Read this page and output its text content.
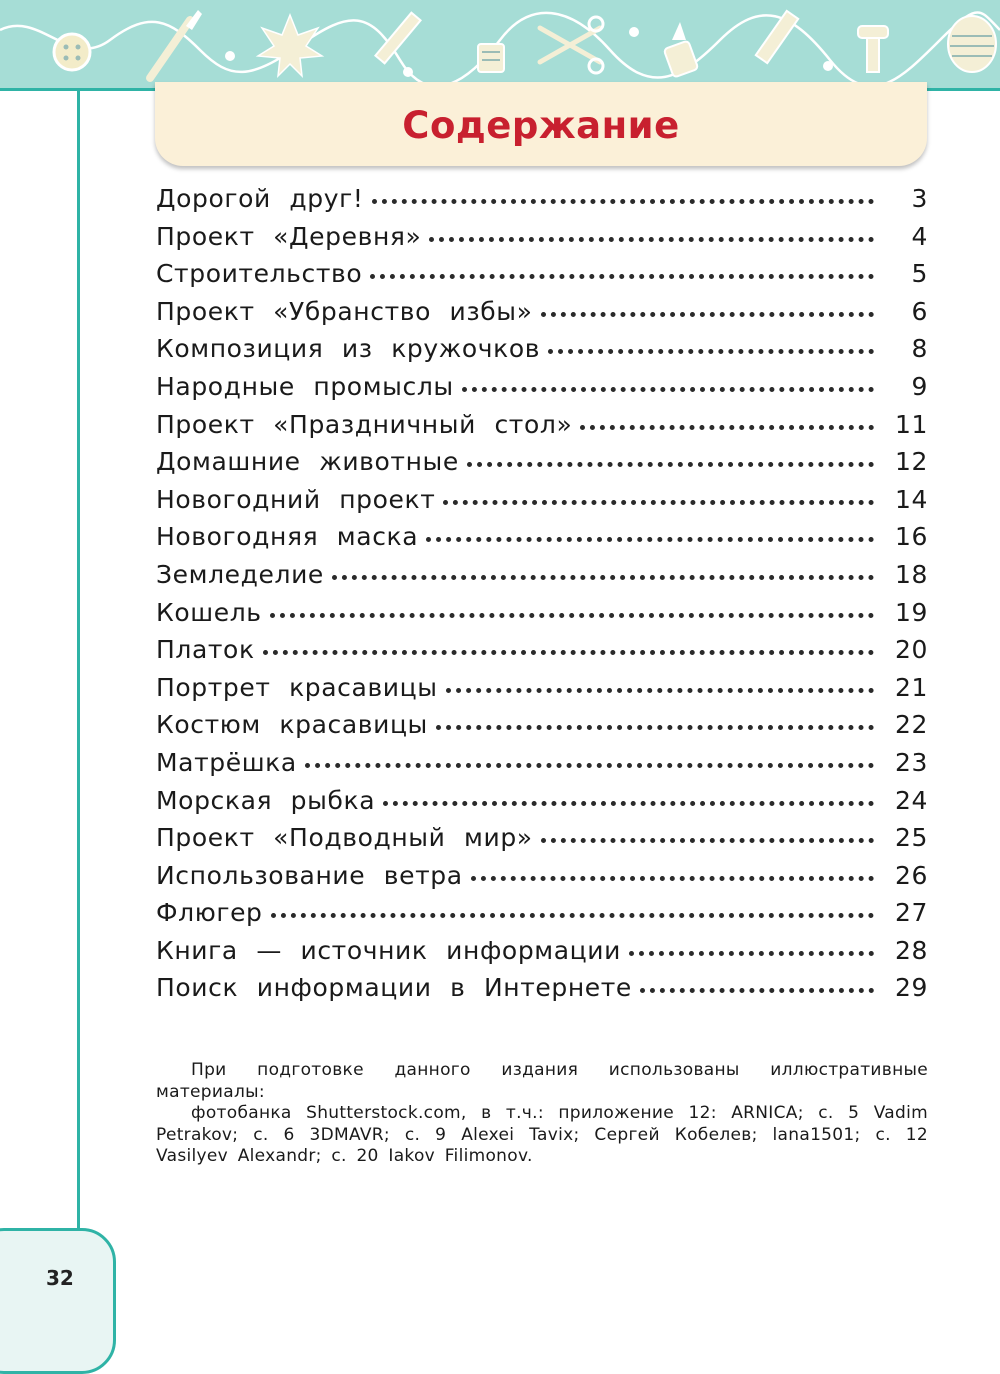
32
Содержание
Дорогой друг!	3
Проект «Деревня»	4
Строительство	5
Проект «Убранство избы»	6
Композиция из кружочков	8
Народные промыслы	9
Проект «Праздничный стол»	11
Домашние животные	12
Новогодний проект	14
Новогодняя маска	16
Земледелие	18
Кошель	19
Платок	20
Портрет красавицы	21
Костюм красавицы	22
Матрёшка	23
Морская рыбка	24
Проект «Подводный мир»	25
Использование ветра	26
Флюгер	27
Книга — источник информации	28
Поиск информации в Интернете	29

При подготовке данного издания использованы иллюстративные материалы:

фотобанка Shutterstock.com, в т.ч.: приложение 12: ARNICA; с. 5 Vadim Petrakov; с. 6 3DMAVR; с. 9 Alexei Tavix; Сергей Кобелев; lana1501; с. 12 Vasilyev Alexandr; с. 20 Iakov Filimonov.
